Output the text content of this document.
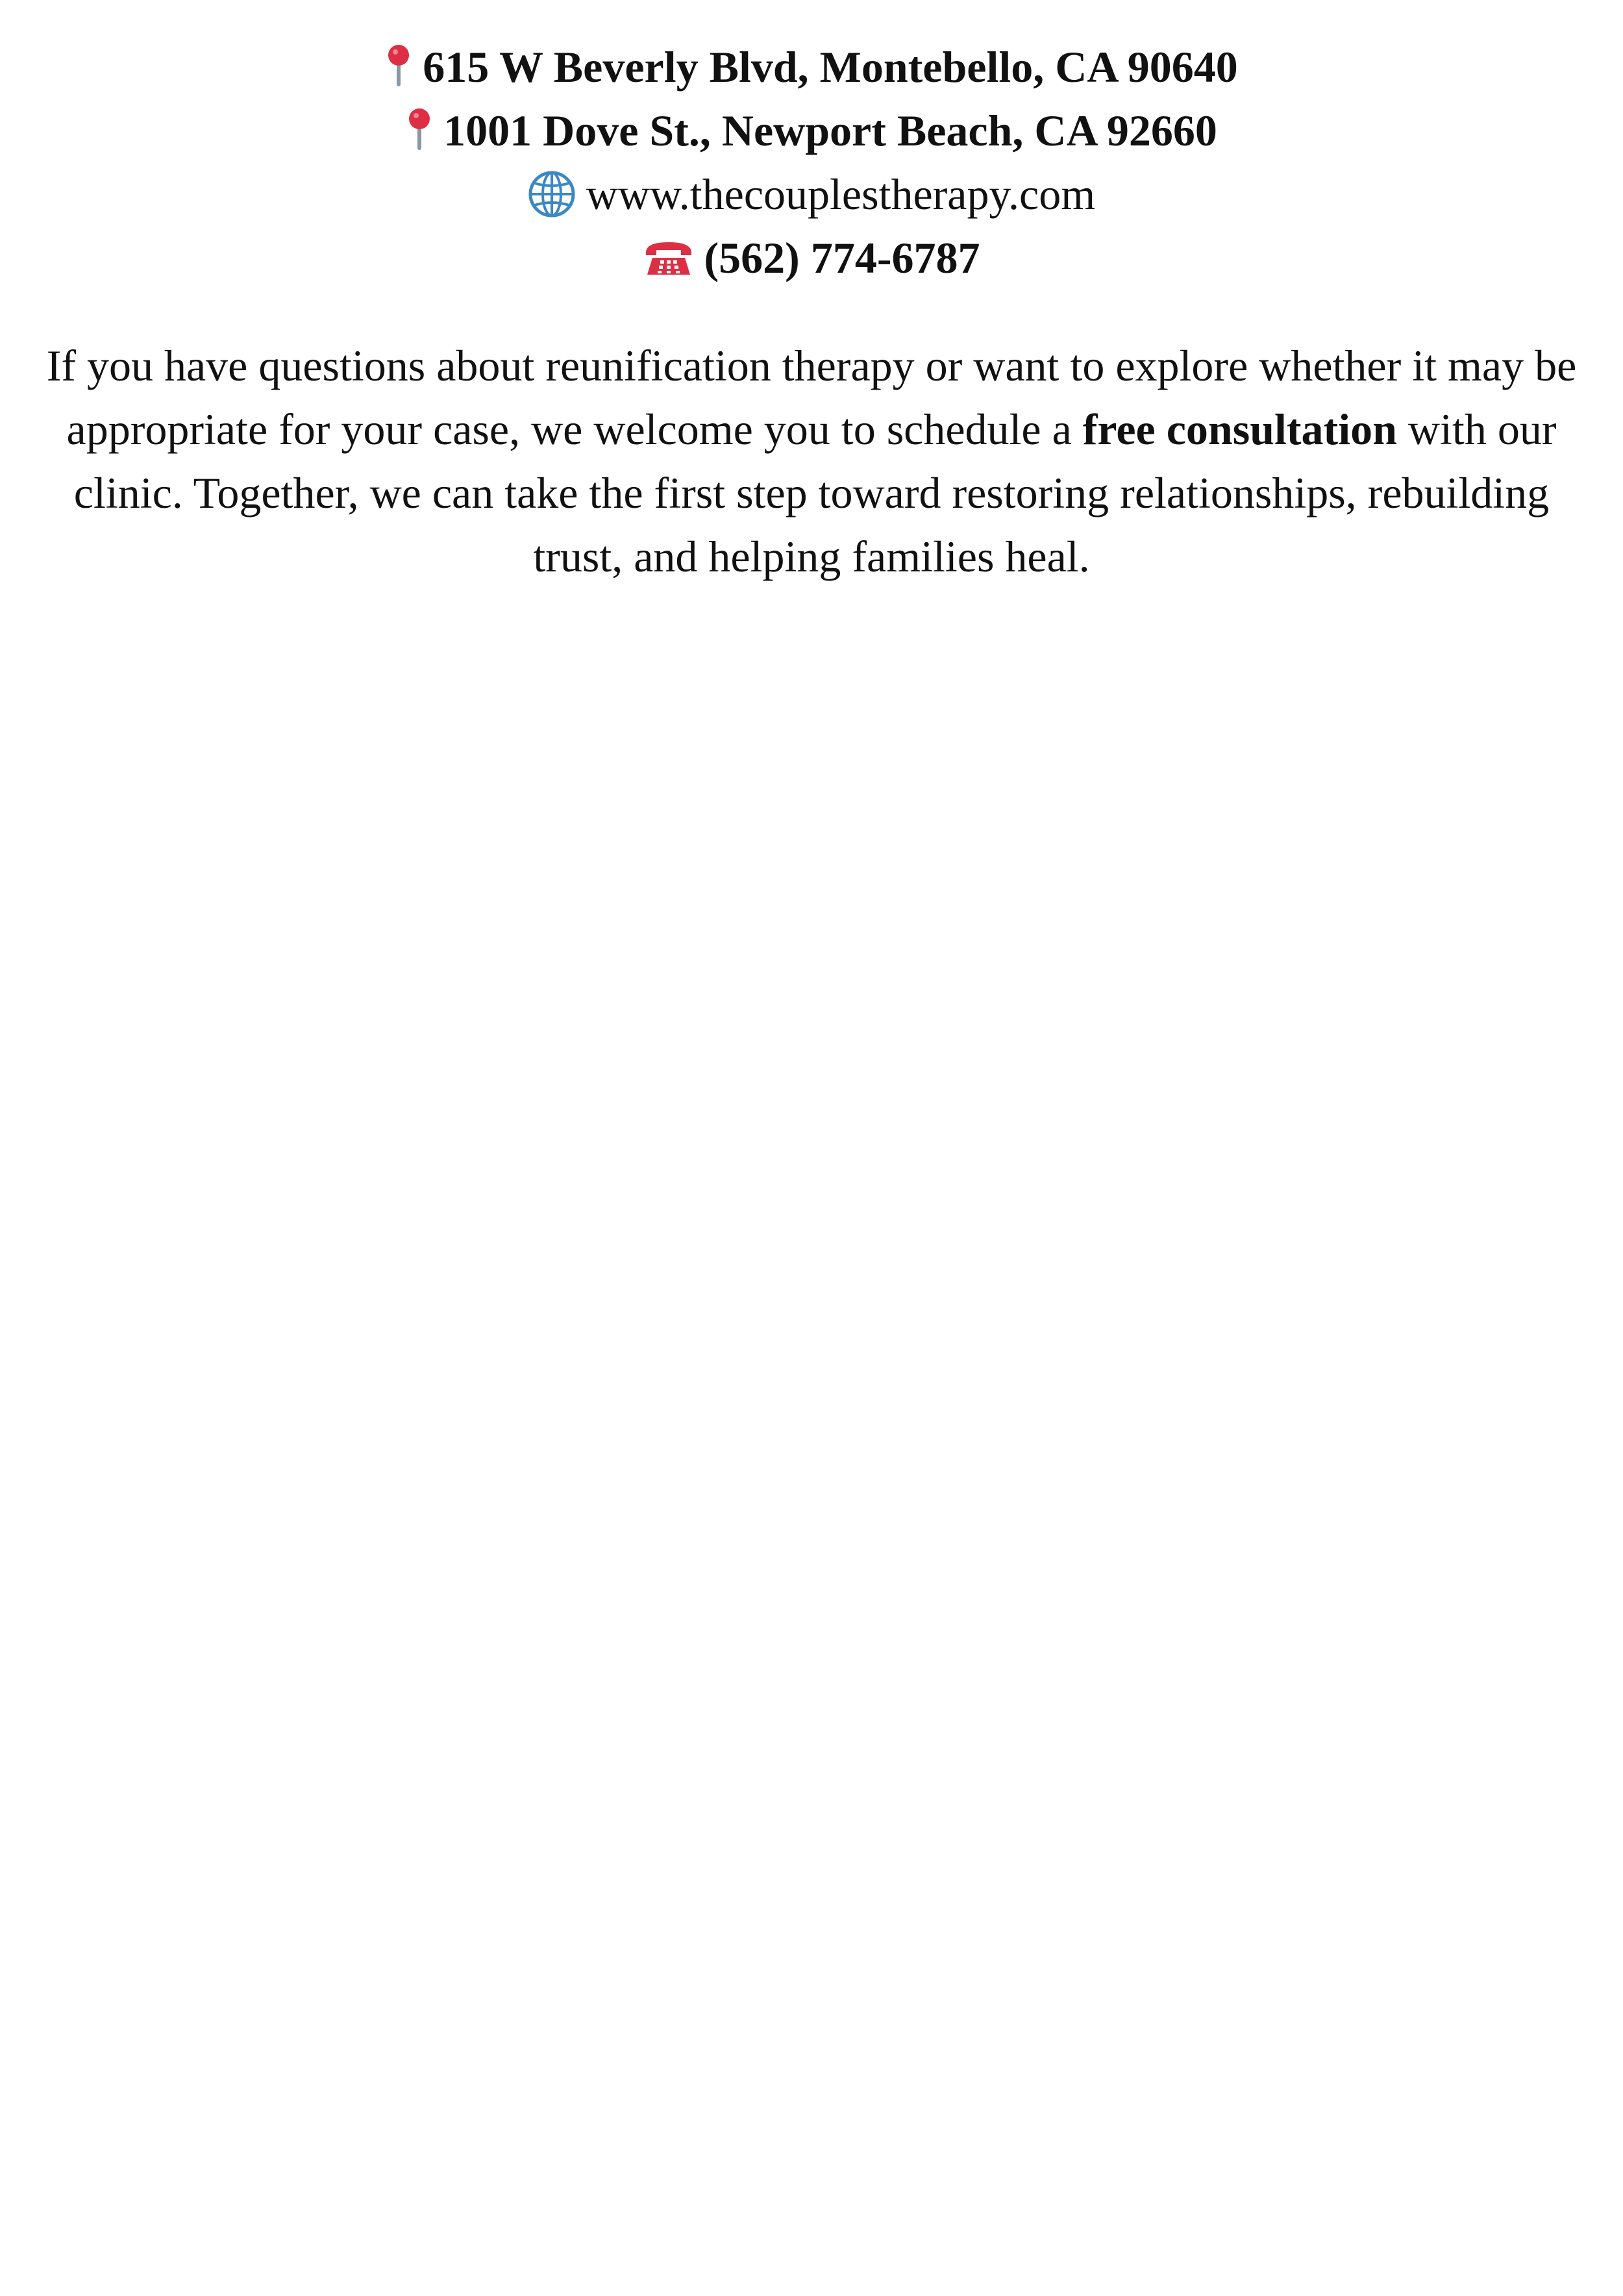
615 W Beverly Blvd, Montebello, CA 90640
1001 Dove St., Newport Beach, CA 92660
www.thecouplestherapy.com
(562) 774-6787

If you have questions about reunification therapy or want to explore whether it may be appropriate for your case, we welcome you to schedule a free consultation with our clinic. Together, we can take the first step toward restoring relationships, rebuilding trust, and helping families heal.
